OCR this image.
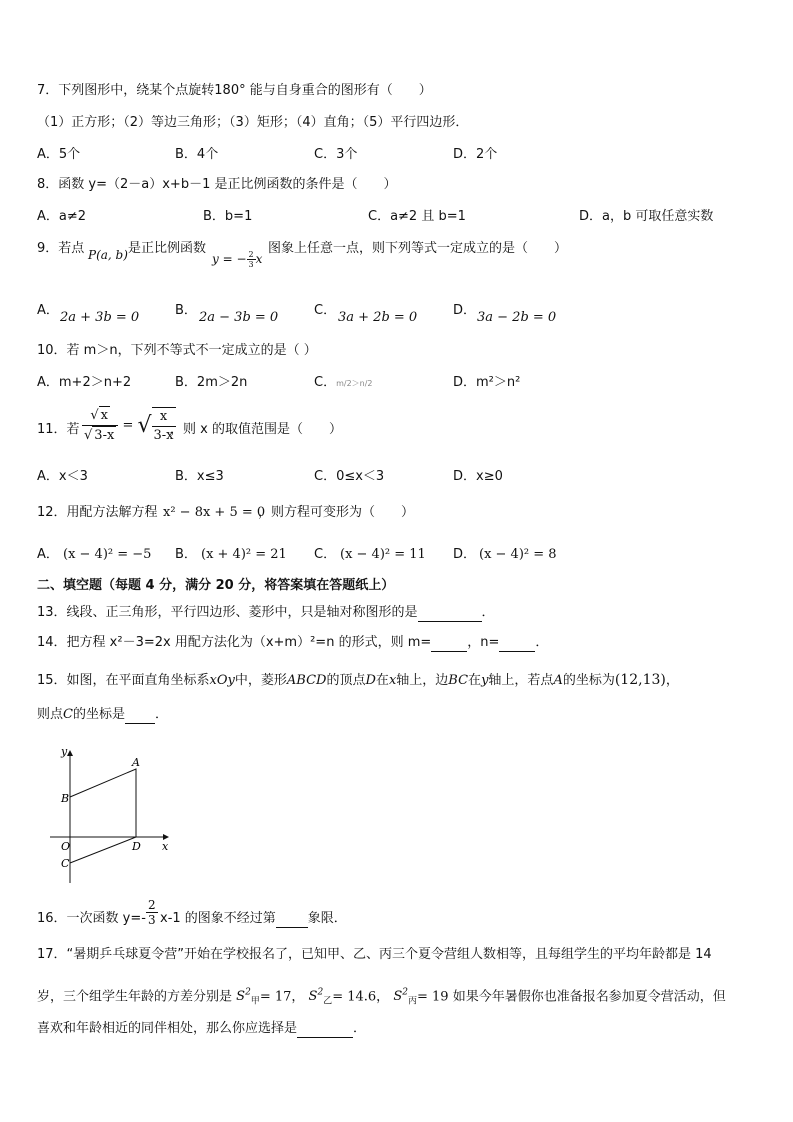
7．下列图形中，绕某个点旋转180° 能与自身重合的图形有（　　）
（1）正方形；（2）等边三角形；（3）矩形；（4）直角；（5）平行四边形．
A．5个	B．4个	C．3个	D．2个
8．函数 y=（2－a）x+b－1 是正比例函数的条件是（　　）
A．a≠2	B．b=1	C．a≠2 且 b=1	D．a，b 可取任意实数
9．若点 P(a, b) 是正比例函数
y = − $\frac{2}{3}$ x
图象上任意一点，则下列等式一定成立的是（　　）
A． 2a + 3b = 0	B． 2a − 3b = 0	C． 3a + 2b = 0	D． 3a − 2b = 0
10．若 m＞n，下列不等式不一定成立的是（ ）
A．m+2＞n+2	B．2m＞2n	C．m/2＞n/2	D．m²＞n²
11．若 $\frac{√ x}{√ 3-x}$ = √ $\frac{x}{3-x}$
，则 x 的取值范围是（　　）
A．x＜3	B．x≤3	C．0≤x＜3	D．x≥0
12．用配方法解方程 x² − 8x + 5 = 0
，则方程可变形为（　　）
A． (x − 4)² = −5 B． (x + 4)² = 21 C． (x − 4)² = 11 D． (x − 4)² = 8
二、填空题（每题 4 分，满分 20 分，将答案填在答题纸上）
13．线段、正三角形，平行四边形、菱形中，只是轴对称图形的是	．
14．把方程 x²－3=2x 用配方法化为（x+m）²=n 的形式，则 m=	，n=	．
15．如图，在平面直角坐标系xOy中，菱形ABCD的顶点D在x轴上，边BC在y轴上，若点A的坐标为(12,13)，
则点C的坐标是 ．
y
A
B
O	D x
C
16．一次函数 $y=- \frac{2}{3} x-1$ 的图象不经过第 象限．
17．“暑期乒乓球夏令营”开始在学校报名了，已知甲、乙、丙三个夏令营组人数相等，且每组学生的平均年龄都是 14
岁，三个组学生年龄的方差分别是 $S^2_甲= 17$， $S^2_乙= 14.6$， $S^2_丙= 19$ 如果今年暑假你也准备报名参加夏令营活动，但
喜欢和年龄相近的同伴相处，那么你应选择是	．
